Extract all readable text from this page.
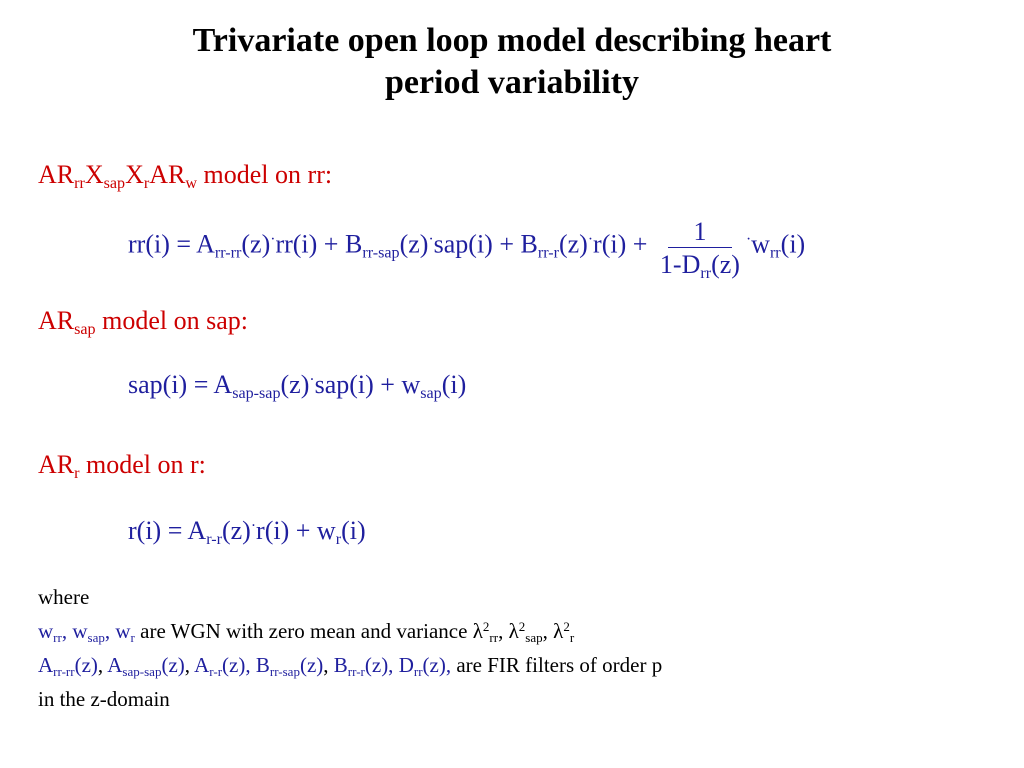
Trivariate open loop model describing heart
period variability
$AR_{rr}X_{sap}X_rAR_w$ model on rr:
$rr(i) = A_{rr-rr}(z)^\cdot rr(i) + B_{rr-sap}(z)^\cdot sap(i) + B_{rr-r}(z)^\cdot r(i) + \frac{1}{1-D_{rr}(z)} ^\cdot w_{rr}(i)$
$AR_{sap}$ model on sap:
$sap(i) = A_{sap-sap}(z)^\cdot sap(i) + w_{sap}(i)$
$AR_r$ model on r:
$r(i) = A_{r-r}(z)^\cdot r(i) + w_r(i)$
where
$w_{rr}$, $w_{sap}$, $w_r$ are WGN with zero mean and variance $\lambda^2_{rr}$, $\lambda^2_{sap}$, $\lambda^2_r$
$A_{rr-rr}(z)$, $A_{sap-sap}(z)$, $A_{r-r}(z)$, $B_{rr-sap}(z)$, $B_{rr-r}(z)$, $D_{rr}(z)$, are FIR filters of order p
in the z-domain
